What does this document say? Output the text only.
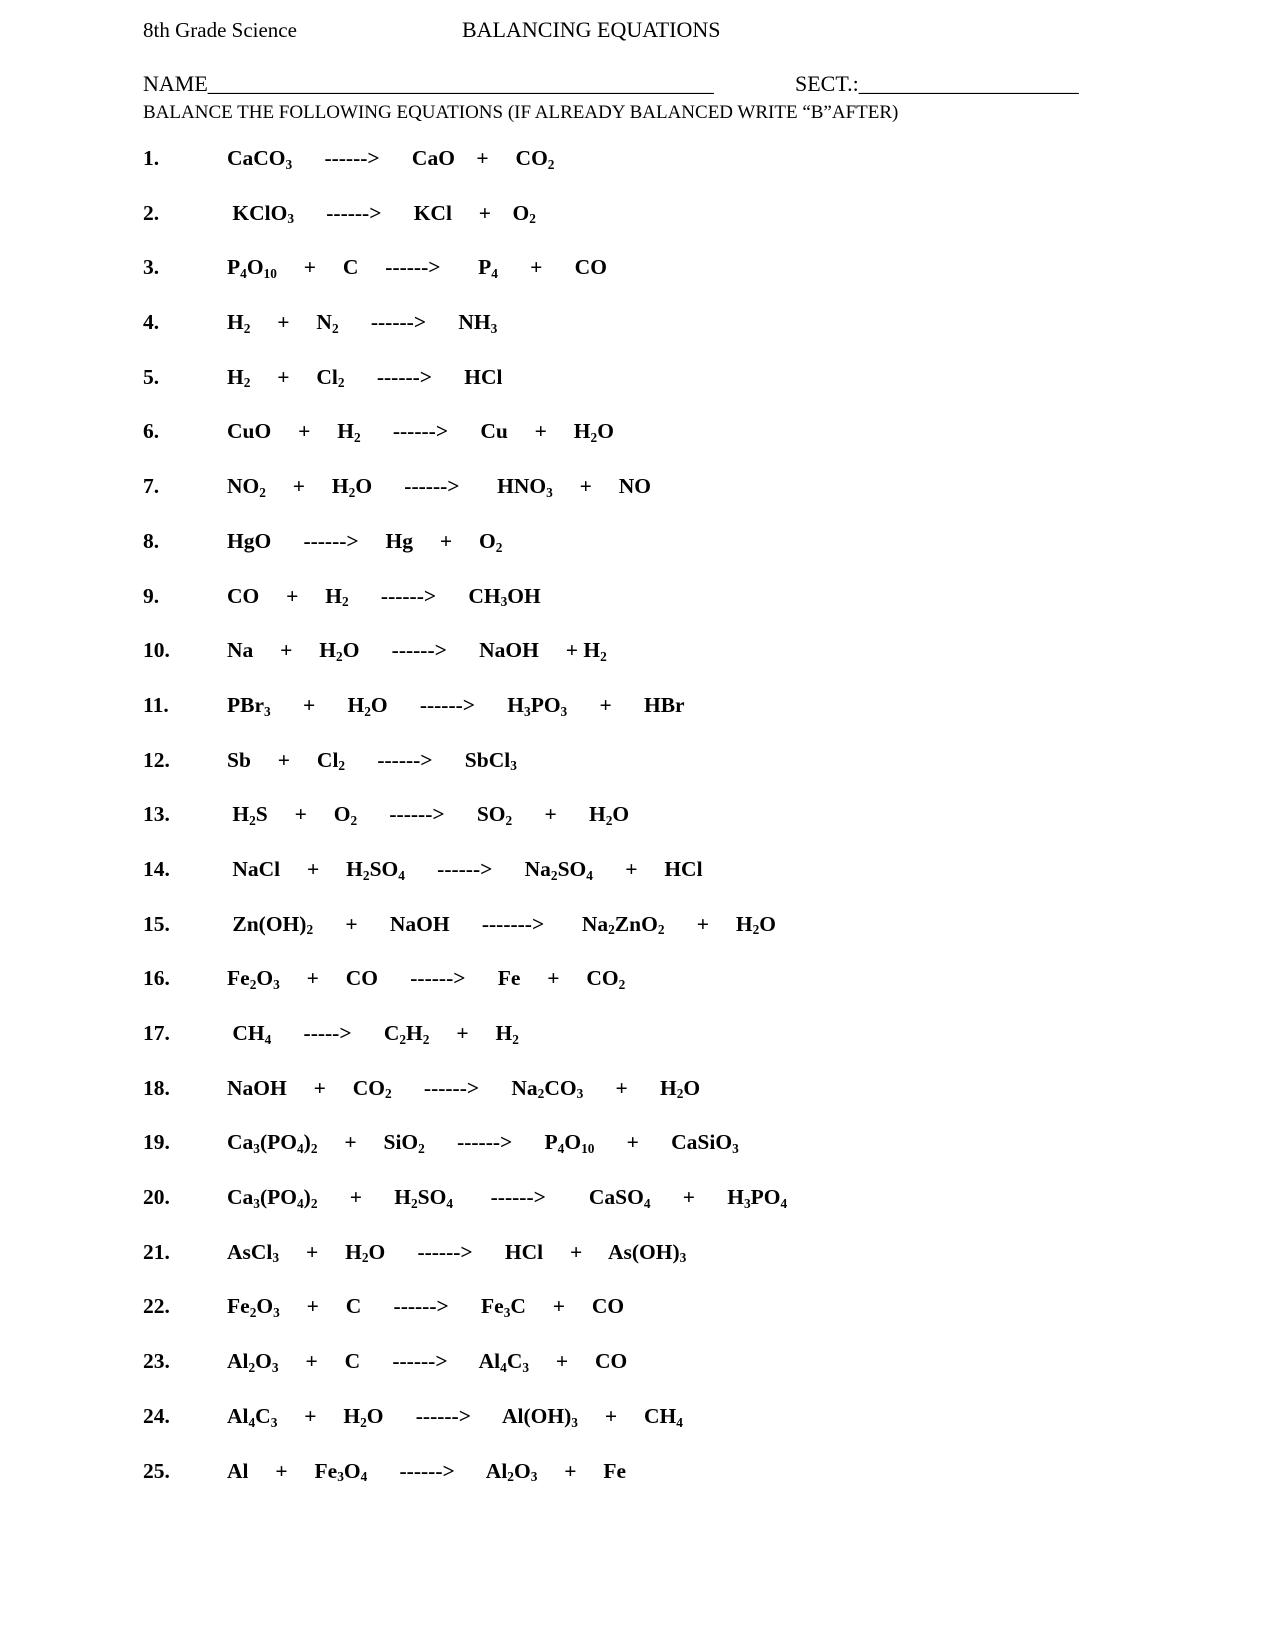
8th Grade Science	BALANCING EQUATIONS
NAME______________________________________________	SECT.:____________________
BALANCE THE FOLLOWING EQUATIONS (IF ALREADY BALANCED WRITE “B”AFTER)
1.	CaCO$_3$      ------>      CaO    +     $CO_2$
2.	KClO$_3$      ------>      KCl     +    $O_2$
3.	$P_4O_{10}$     +     C     ------>       $P_4$      +      CO
4.	$H_2$     +     $N_2$      ------>      $NH_3$
5.	$H_2$     +     $Cl_2$      ------>      HCl
6.	CuO     +     $H_2$      ------>      Cu     +     $H_2O$
7.	$NO_2$     +     $H_2O$      ------>       $HNO_3$     +     NO
8.	HgO      ------>     Hg     +     $O_2$
9.	CO     +     $H_2$      ------>      $CH_3OH$
10.	Na     +     $H_2O$      ------>      NaOH     + $H_2$
11.	PBr$_3$      +      $H_2O$      ------>      $H_3PO_3$      +      HBr
12.	Sb     +     $Cl_2$      ------>      SbCl$_3$
13.	$H_2S$     +     $O_2$      ------>      $SO_2$      +      $H_2O$
14.	NaCl     +     $H_2SO_4$      ------>      $Na_2SO_4$      +     HCl
15.	$Zn(OH)_2$      +      NaOH      ------->       $Na_2ZnO_2$      +     $H_2O$
16.	$Fe_2O_3$     +     CO      ------>      Fe     +     $CO_2$
17.	$CH_4$      ----->      $C_2H_2$     +     $H_2$
18.	NaOH     +     $CO_2$      ------>      $Na_2CO_3$      +      $H_2O$
19.	$Ca_3(PO_4)_2$     +     SiO$_2$      ------>      $P_4O_{10}$      +      CaSiO$_3$
20.	$Ca_3(PO_4)_2$      +      $H_2SO_4$       ------>        CaSO$_4$      +      $H_3PO_4$
21.	AsCl$_3$     +     $H_2O$      ------>      HCl     +     $As(OH)_3$
22.	$Fe_2O_3$     +     C      ------>      $Fe_3C$     +     CO
23.	$Al_2O_3$     +     C      ------>      $Al_4C_3$     +     CO
24.	$Al_4C_3$     +     $H_2O$      ------>      $Al(OH)_3$     +     $CH_4$
25.	Al     +     $Fe_3O_4$      ------>      $Al_2O_3$     +     Fe
